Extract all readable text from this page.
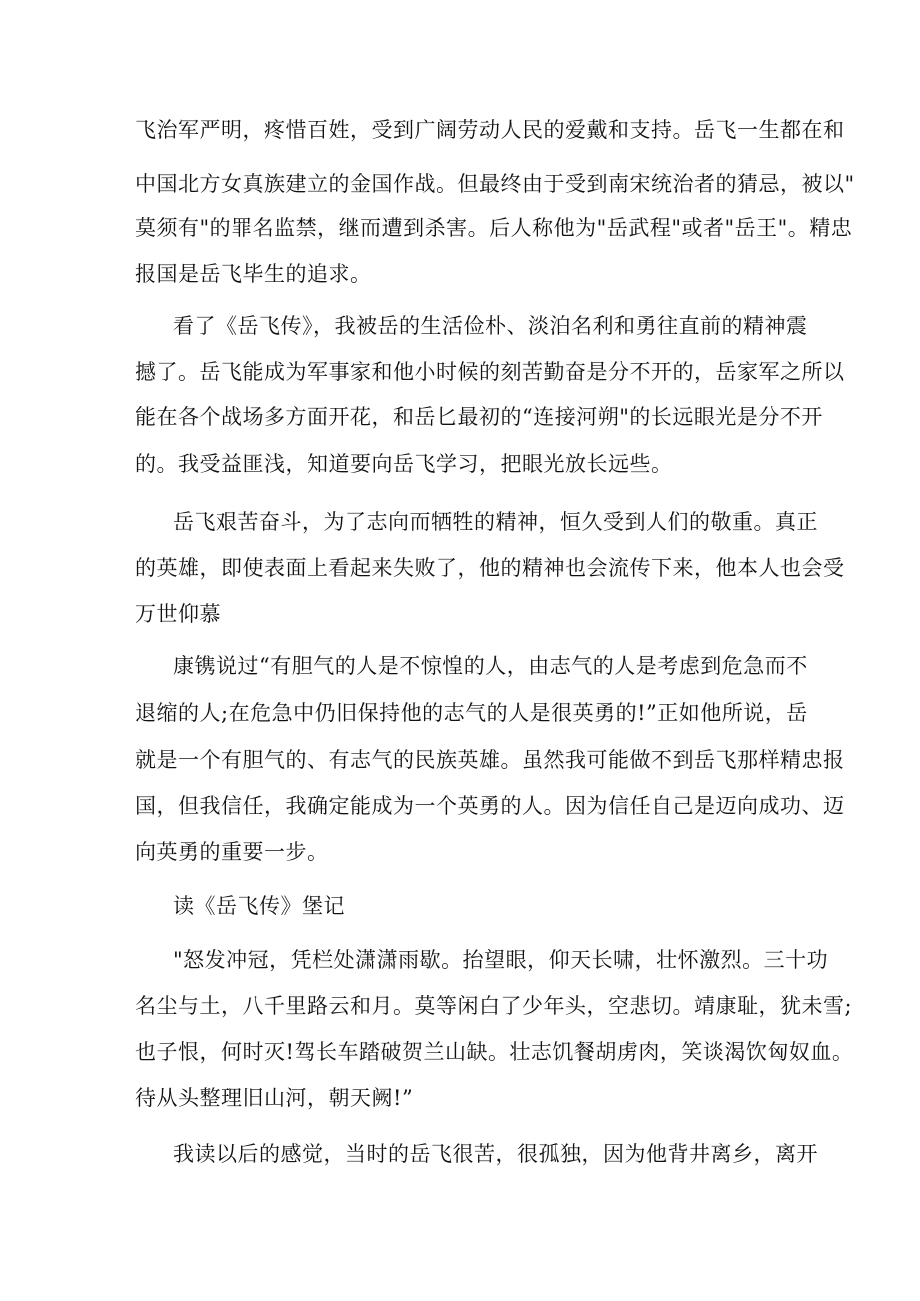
飞治军严明，疼惜百姓，受到广阔劳动人民的爱戴和支持。岳飞一生都在和
中国北方女真族建立的金国作战。但最终由于受到南宋统治者的猜忌，被以"
莫须有"的罪名监禁，继而遭到杀害。后人称他为"岳武程"或者"岳王"。精忠
报国是岳飞毕生的追求。
看了《岳飞传》，我被岳的生活俭朴、淡泊名利和勇往直前的精神震
撼了。岳飞能成为军事家和他小时候的刻苦勤奋是分不开的，岳家军之所以
能在各个战场多方面开花，和岳匕最初的“连接河朔"的长远眼光是分不开
的。我受益匪浅，知道要向岳飞学习，把眼光放长远些。
岳飞艰苦奋斗，为了志向而牺牲的精神，恒久受到人们的敬重。真正
的英雄，即使表面上看起来失败了，他的精神也会流传下来，他本人也会受
万世仰慕
康镌说过“有胆气的人是不惊惶的人，由志气的人是考虑到危急而不
退缩的人;在危急中仍旧保持他的志气的人是很英勇的!”正如他所说，岳
就是一个有胆气的、有志气的民族英雄。虽然我可能做不到岳飞那样精忠报
国，但我信任，我确定能成为一个英勇的人。因为信任自己是迈向成功、迈
向英勇的重要一步。
读《岳飞传》堡记
"怒发冲冠，凭栏处潇潇雨歇。抬望眼，仰天长啸，壮怀激烈。三十功
名尘与土，八千里路云和月。莫等闲白了少年头，空悲切。靖康耻，犹未雪;
也子恨，何时灭!驾长车踏破贺兰山缺。壮志饥餐胡虏肉，笑谈渴饮匈奴血。
待从头整理旧山河，朝天阙!”
我读以后的感觉，当时的岳飞很苦，很孤独，因为他背井离乡，离开
